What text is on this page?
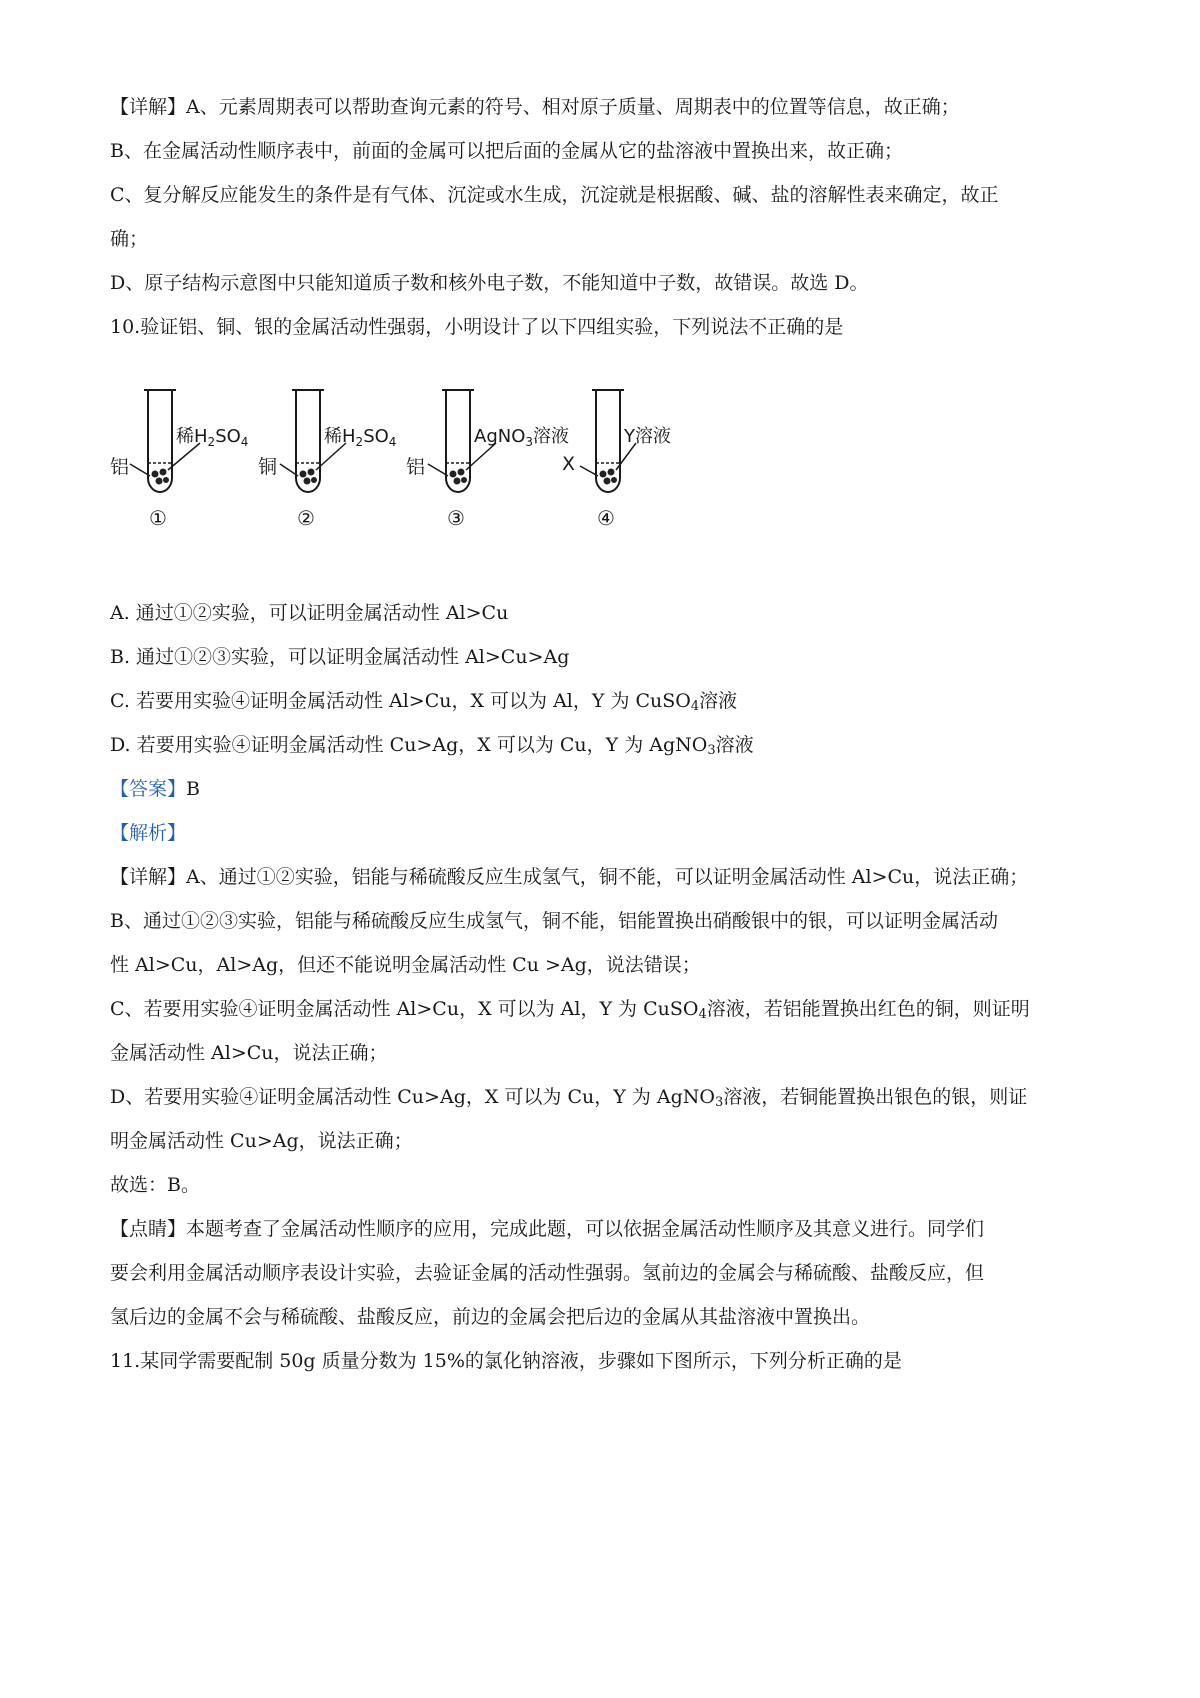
【详解】A、元素周期表可以帮助查询元素的符号、相对原子质量、周期表中的位置等信息，故正确；
B、在金属活动性顺序表中，前面的金属可以把后面的金属从它的盐溶液中置换出来，故正确；
C、复分解反应能发生的条件是有气体、沉淀或水生成，沉淀就是根据酸、碱、盐的溶解性表来确定，故正
确；
D、原子结构示意图中只能知道质子数和核外电子数，不能知道中子数，故错误。故选 D。
10.验证铝、铜、银的金属活动性强弱，小明设计了以下四组实验，下列说法不正确的是
铝
稀$H_2SO_4$
①
铜
稀$H_2SO_4$
②
铝
AgNO$_3$溶液
③
X
Y溶液
④
A. 通过①②实验，可以证明金属活动性 Al>Cu
B. 通过①②③实验，可以证明金属活动性 Al>Cu>Ag
C. 若要用实验④证明金属活动性 Al>Cu，X 可以为 Al，Y 为 CuSO$_4$溶液
D. 若要用实验④证明金属活动性 Cu>Ag，X 可以为 Cu，Y 为 AgNO$_3$溶液
【答案】B
【解析】
【详解】A、通过①②实验，铝能与稀硫酸反应生成氢气，铜不能，可以证明金属活动性 Al>Cu，说法正确；
B、通过①②③实验，铝能与稀硫酸反应生成氢气，铜不能，铝能置换出硝酸银中的银，可以证明金属活动
性 Al>Cu，Al>Ag，但还不能说明金属活动性 Cu >Ag，说法错误；
C、若要用实验④证明金属活动性 Al>Cu，X 可以为 Al，Y 为 CuSO$_4$溶液，若铝能置换出红色的铜，则证明
金属活动性 Al>Cu，说法正确；
D、若要用实验④证明金属活动性 Cu>Ag，X 可以为 Cu，Y 为 AgNO$_3$溶液，若铜能置换出银色的银，则证
明金属活动性 Cu>Ag，说法正确；
故选：B。
【点睛】本题考查了金属活动性顺序的应用，完成此题，可以依据金属活动性顺序及其意义进行。同学们
要会利用金属活动顺序表设计实验，去验证金属的活动性强弱。氢前边的金属会与稀硫酸、盐酸反应，但
氢后边的金属不会与稀硫酸、盐酸反应，前边的金属会把后边的金属从其盐溶液中置换出。
11.某同学需要配制 50g 质量分数为 15%的氯化钠溶液，步骤如下图所示，下列分析正确的是
